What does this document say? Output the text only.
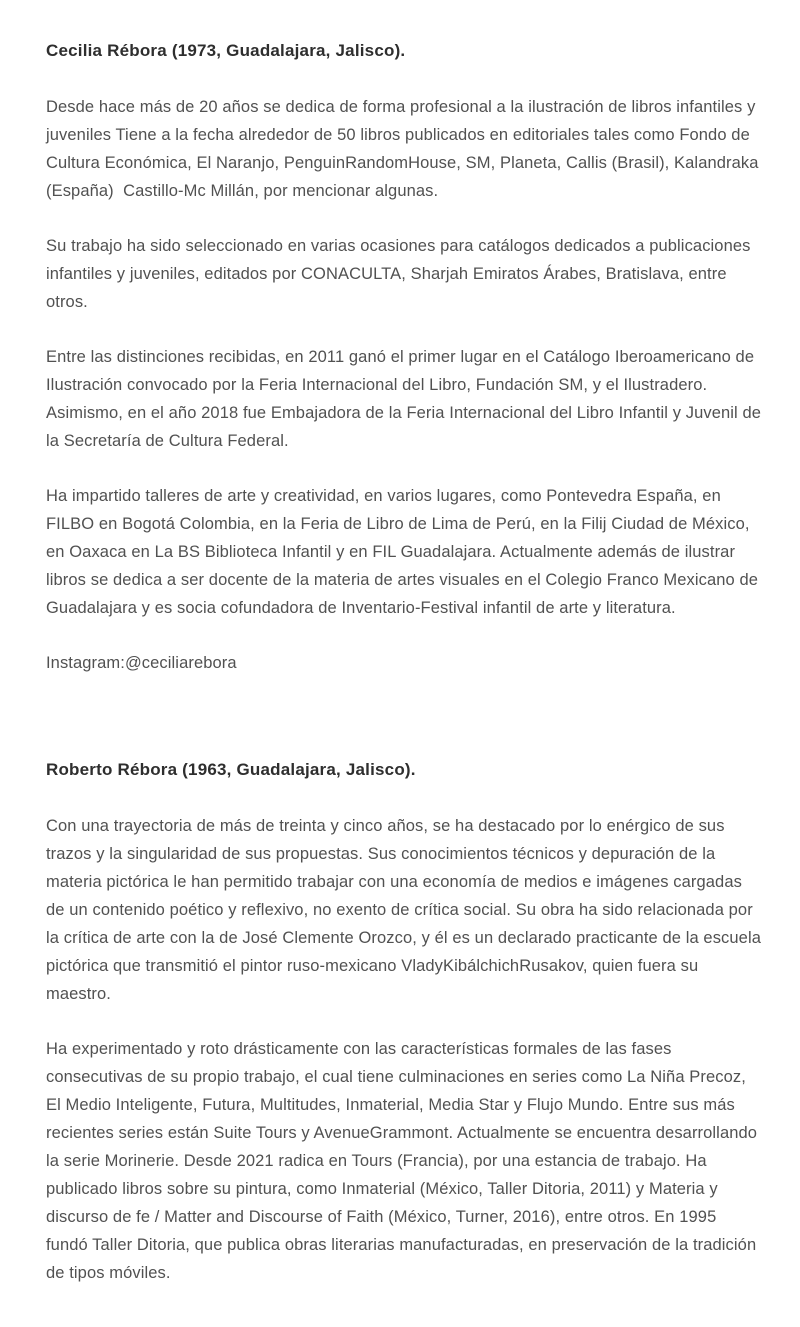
Cecilia Rébora (1973, Guadalajara, Jalisco).

Desde hace más de 20 años se dedica de forma profesional a la ilustración de libros infantiles y juveniles Tiene a la fecha alrededor de 50 libros publicados en editoriales tales como Fondo de Cultura Económica, El Naranjo, PenguinRandomHouse, SM, Planeta, Callis (Brasil), Kalandraka (España)  Castillo-Mc Millán, por mencionar algunas.

Su trabajo ha sido seleccionado en varias ocasiones para catálogos dedicados a publicaciones infantiles y juveniles, editados por CONACULTA, Sharjah Emiratos Árabes, Bratislava, entre otros.

Entre las distinciones recibidas, en 2011 ganó el primer lugar en el Catálogo Iberoamericano de Ilustración convocado por la Feria Internacional del Libro, Fundación SM, y el Ilustradero. Asimismo, en el año 2018 fue Embajadora de la Feria Internacional del Libro Infantil y Juvenil de la Secretaría de Cultura Federal.

Ha impartido talleres de arte y creatividad, en varios lugares, como Pontevedra España, en FILBO en Bogotá Colombia, en la Feria de Libro de Lima de Perú, en la Filij Ciudad de México, en Oaxaca en La BS Biblioteca Infantil y en FIL Guadalajara. Actualmente además de ilustrar libros se dedica a ser docente de la materia de artes visuales en el Colegio Franco Mexicano de Guadalajara y es socia cofundadora de Inventario-Festival infantil de arte y literatura.

Instagram:@ceciliarebora

Roberto Rébora (1963, Guadalajara, Jalisco).

Con una trayectoria de más de treinta y cinco años, se ha destacado por lo enérgico de sus trazos y la singularidad de sus propuestas. Sus conocimientos técnicos y depuración de la materia pictórica le han permitido trabajar con una economía de medios e imágenes cargadas de un contenido poético y reflexivo, no exento de crítica social. Su obra ha sido relacionada por la crítica de arte con la de José Clemente Orozco, y él es un declarado practicante de la escuela pictórica que transmitió el pintor ruso-mexicano VladyKibálchichRusakov, quien fuera su maestro.

Ha experimentado y roto drásticamente con las características formales de las fases consecutivas de su propio trabajo, el cual tiene culminaciones en series como La Niña Precoz, El Medio Inteligente, Futura, Multitudes, Inmaterial, Media Star y Flujo Mundo. Entre sus más recientes series están Suite Tours y AvenueGrammont. Actualmente se encuentra desarrollando la serie Morinerie. Desde 2021 radica en Tours (Francia), por una estancia de trabajo. Ha publicado libros sobre su pintura, como Inmaterial (México, Taller Ditoria, 2011) y Materia y discurso de fe / Matter and Discourse of Faith (México, Turner, 2016), entre otros. En 1995 fundó Taller Ditoria, que publica obras literarias manufacturadas, en preservación de la tradición de tipos móviles.
